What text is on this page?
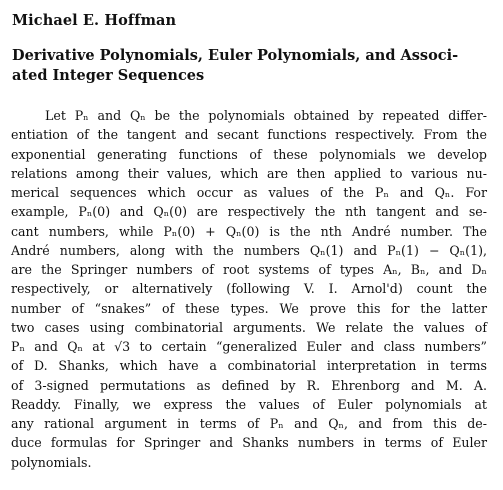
Michael E. Hoffman
Derivative Polynomials, Euler Polynomials, and Associ-
ated Integer Sequences
Let Pₙ and Qₙ be the polynomials obtained by repeated differ-
entiation of the tangent and secant functions respectively. From the
exponential generating functions of these polynomials we develop
relations among their values, which are then applied to various nu-
merical sequences which occur as values of the Pₙ and Qₙ. For
example, Pₙ(0) and Qₙ(0) are respectively the nth tangent and se-
cant numbers, while Pₙ(0) + Qₙ(0) is the nth André number. The
André numbers, along with the numbers Qₙ(1) and Pₙ(1) − Qₙ(1),
are the Springer numbers of root systems of types Aₙ, Bₙ, and Dₙ
respectively, or alternatively (following V. I. Arnol'd) count the
number of “snakes” of these types. We prove this for the latter
two cases using combinatorial arguments. We relate the values of
Pₙ and Qₙ at √3 to certain “generalized Euler and class numbers”
of D. Shanks, which have a combinatorial interpretation in terms
of 3-signed permutations as defined by R. Ehrenborg and M. A.
Readdy. Finally, we express the values of Euler polynomials at
any rational argument in terms of Pₙ and Qₙ, and from this de-
duce formulas for Springer and Shanks numbers in terms of Euler
polynomials.
